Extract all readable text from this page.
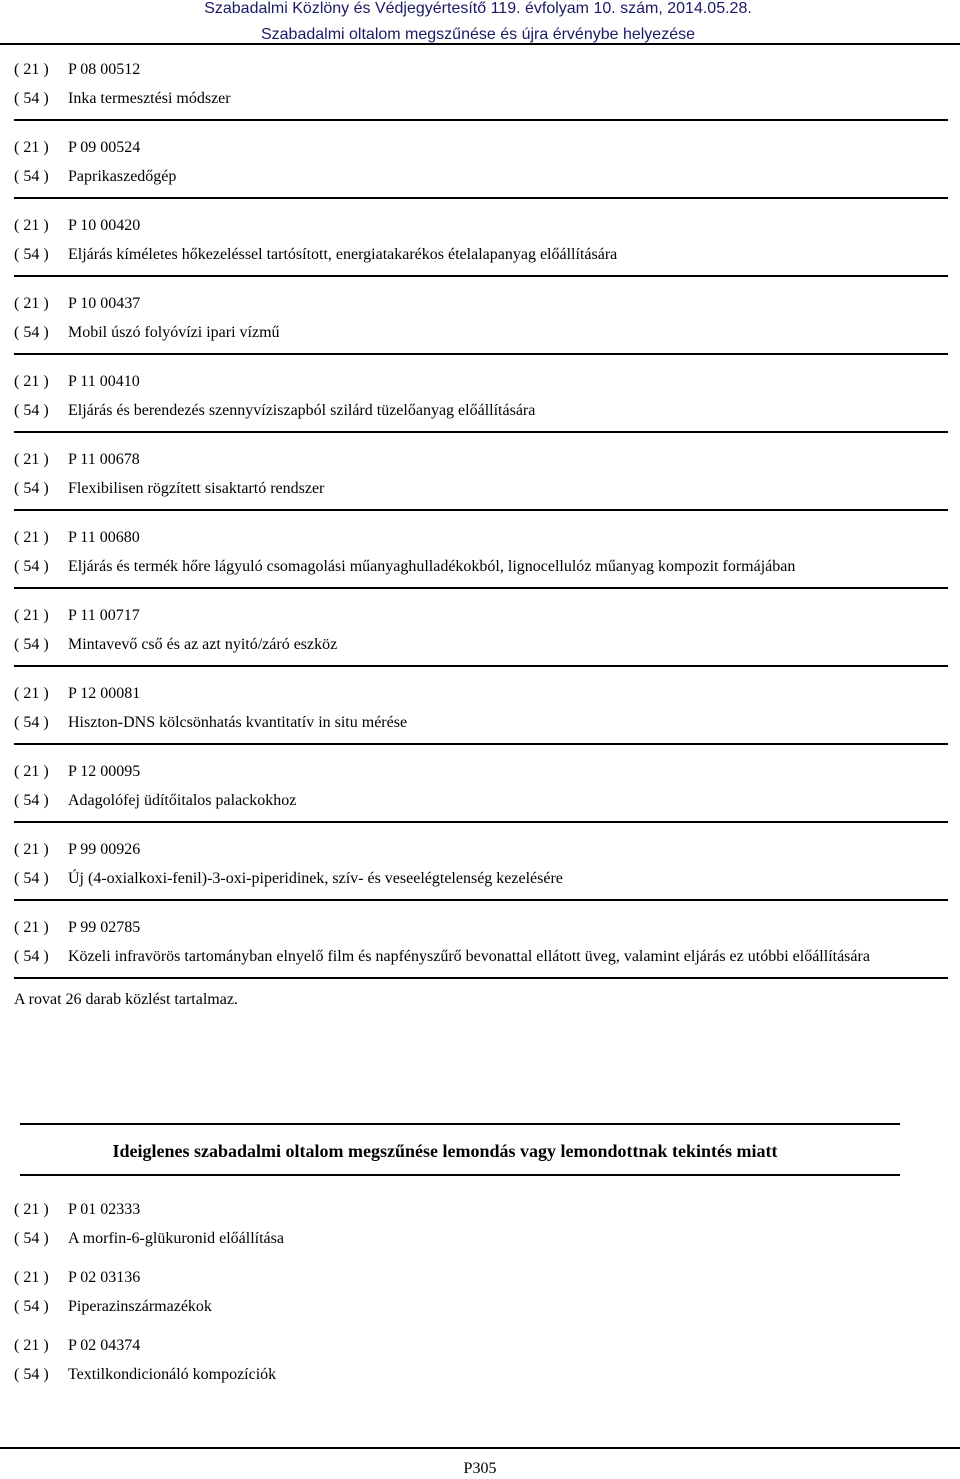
Szabadalmi Közlöny és Védjegyértesítő 119. évfolyam 10. szám, 2014.05.28.
Szabadalmi oltalom megszűnése és újra érvénybe helyezése
( 21 )	P 08 00512
( 54 )	Inka termesztési módszer
( 21 )	P 09 00524
( 54 )	Paprikaszedőgép
( 21 )	P 10 00420
( 54 )	Eljárás kíméletes hőkezeléssel tartósított, energiatakarékos ételalapanyag előállítására
( 21 )	P 10 00437
( 54 )	Mobil úszó folyóvízi ipari vízmű
( 21 )	P 11 00410
( 54 )	Eljárás és berendezés szennyvíziszapból szilárd tüzelőanyag előállítására
( 21 )	P 11 00678
( 54 )	Flexibilisen rögzített sisaktartó rendszer
( 21 )	P 11 00680
( 54 )	Eljárás és termék hőre lágyuló csomagolási műanyaghulladékokból, lignocellulóz műanyag kompozit formájában
( 21 )	P 11 00717
( 54 )	Mintavevő cső és az azt nyitó/záró eszköz
( 21 )	P 12 00081
( 54 )	Hiszton-DNS kölcsönhatás kvantitatív in situ mérése
( 21 )	P 12 00095
( 54 )	Adagolófej üdítőitalos palackokhoz
( 21 )	P 99 00926
( 54 )	Új (4-oxialkoxi-fenil)-3-oxi-piperidinek, szív- és veseelégtelenség kezelésére
( 21 )	P 99 02785
( 54 )	Közeli infravörös tartományban elnyelő film és napfényszűrő bevonattal ellátott üveg, valamint eljárás ez utóbbi előállítására
A rovat 26 darab közlést tartalmaz.
Ideiglenes szabadalmi oltalom megszűnése lemondás vagy lemondottnak tekintés miatt
( 21 )	P 01 02333
( 54 )	A morfin-6-glükuronid előállítása
( 21 )	P 02 03136
( 54 )	Piperazinszármazékok
( 21 )	P 02 04374
( 54 )	Textilkondicionáló kompozíciók
P305
